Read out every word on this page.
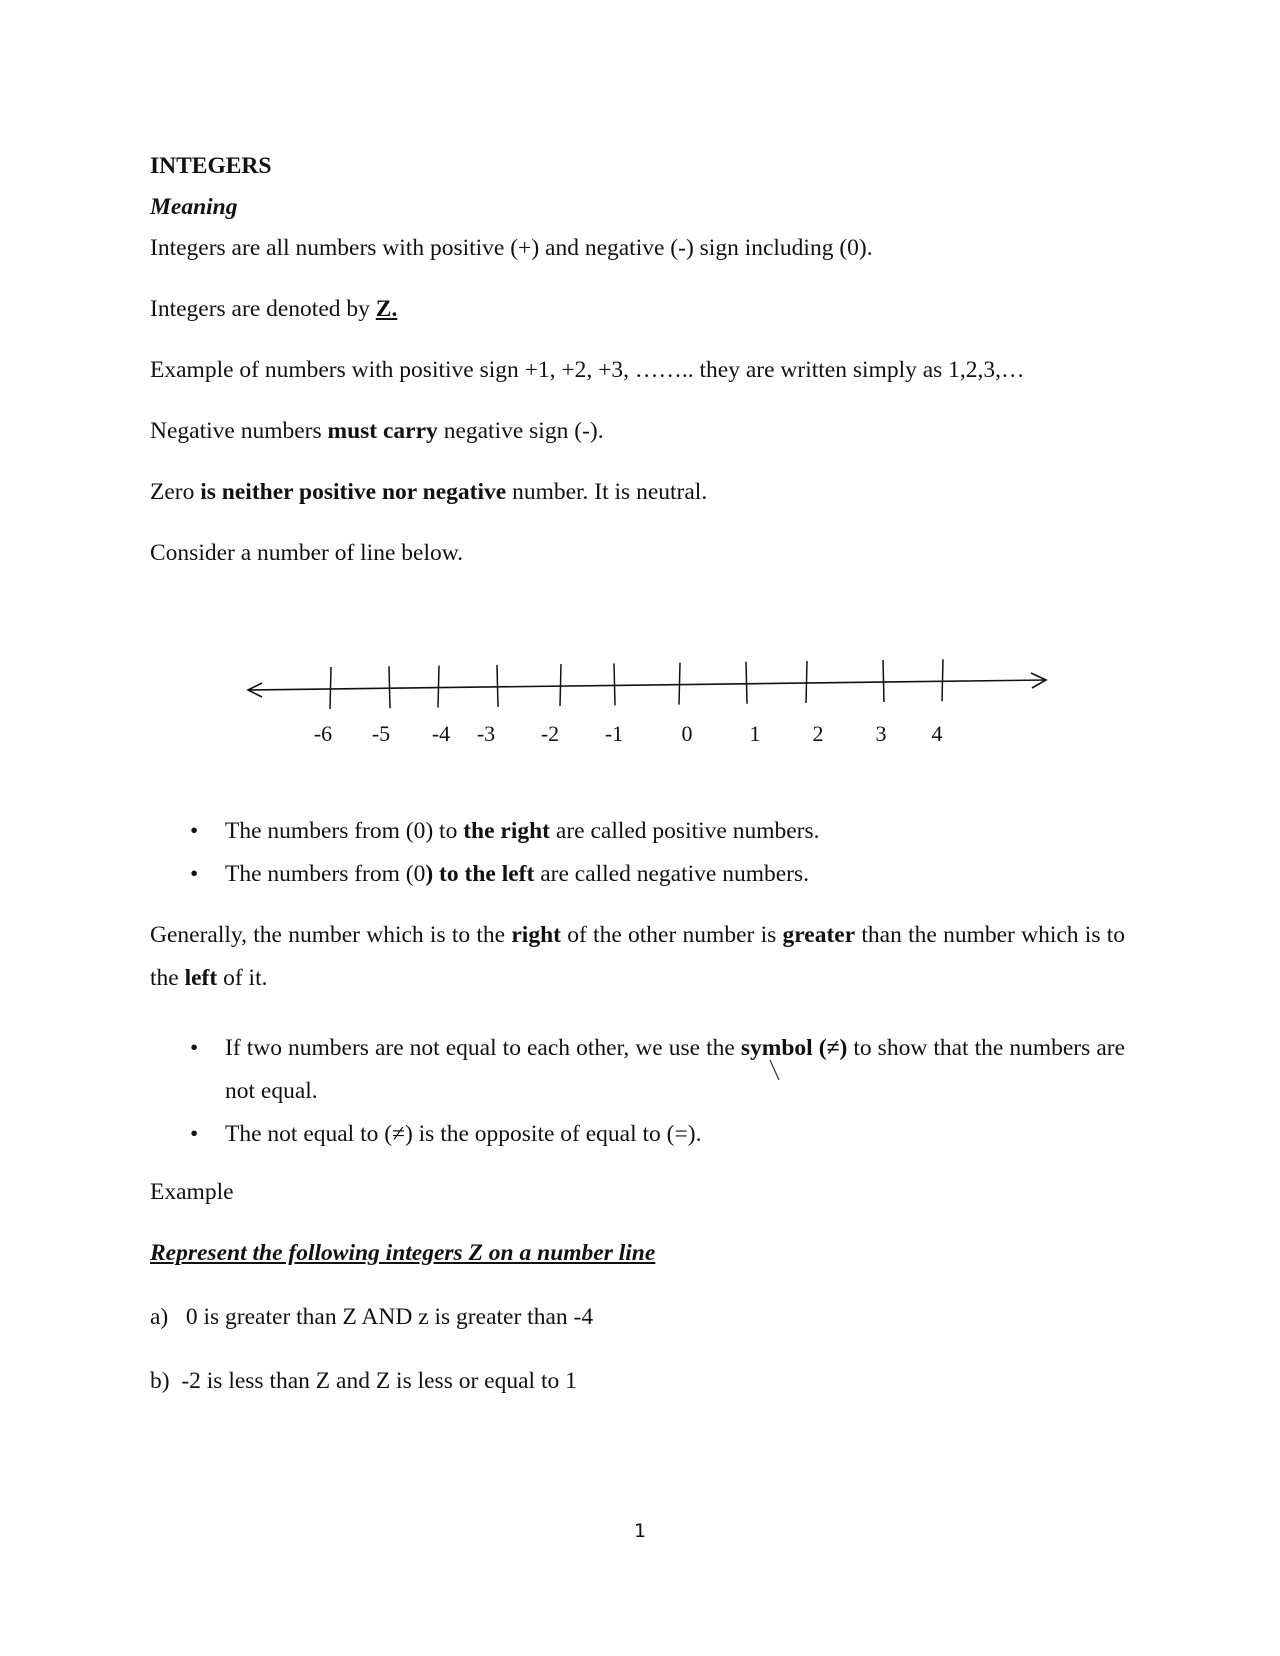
INTEGERS
Meaning
Integers are all numbers with positive (+) and negative (-) sign including (0).
Integers are denoted by Z.
Example of numbers with positive sign +1, +2, +3, …….. they are written simply as 1,2,3,…
Negative numbers must carry negative sign (-).
Zero is neither positive nor negative number. It is neutral.
Consider a number of line below.
-6 -5 -4 -3 -2 -1	0	1 2 3 4
• The numbers from (0) to the right are called positive numbers.
• The numbers from (0) to the left are called negative numbers.
Generally, the number which is to the right of the other number is greater than the number which is to the left of it.
• If two numbers are not equal to each other, we use the symbol (≠) to show that the numbers are not equal.
• The not equal to (≠) is the opposite of equal to (=).
Example
Represent the following integers Z on a number line
a)   0 is greater than Z AND z is greater than -4
b)  -2 is less than Z and Z is less or equal to 1
1
